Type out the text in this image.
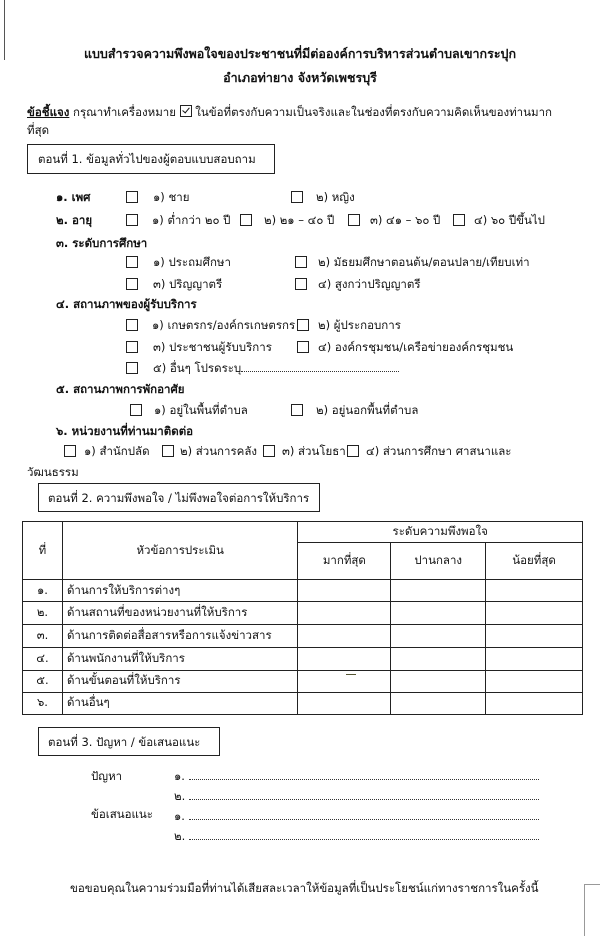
แบบสำรวจความพึงพอใจของประชาชนที่มีต่อองค์การบริหารส่วนตำบลเขากระปุก
อำเภอท่ายาง จังหวัดเพชรบุรี
ข้อชี้แจง กรุณาทำเครื่องหมาย ในข้อที่ตรงกับความเป็นจริงและในช่องที่ตรงกับความคิดเห็นของท่านมาก
ที่สุด
ตอนที่ 1. ข้อมูลทั่วไปของผู้ตอบแบบสอบถาม
๑. เพศ	๑) ชาย	๒) หญิง
๒. อายุ	๑) ต่ำกว่า ๒๐ ปี	๒) ๒๑ – ๔๐ ปี	๓) ๔๑ – ๖๐ ปี	๔) ๖๐ ปีขึ้นไป
๓. ระดับการศึกษา
๑) ประถมศึกษา	๒) มัธยมศึกษาตอนต้น/ตอนปลาย/เทียบเท่า
๓) ปริญญาตรี	๔) สูงกว่าปริญญาตรี
๔. สถานภาพของผู้รับบริการ
๑) เกษตรกร/องค์กรเกษตรกร ๒) ผู้ประกอบการ
๓) ประชาชนผู้รับบริการ	๔) องค์กรชุมชน/เครือข่ายองค์กรชุมชน
๕) อื่นๆ โปรดระบุ
๕. สถานภาพการพักอาศัย
๑) อยู่ในพื้นที่ตำบล	๒) อยู่นอกพื้นที่ตำบล
๖. หน่วยงานที่ท่านมาติดต่อ
๑) สำนักปลัด	๒) ส่วนการคลัง ๓) ส่วนโยธา ๔) ส่วนการศึกษา ศาสนาและ
วัฒนธรรม
ตอนที่ 2. ความพึงพอใจ / ไม่พึงพอใจต่อการให้บริการ
ที่	หัวข้อการประเมิน	ระดับความพึงพอใจ		
		มากที่สุด	ปานกลาง	น้อยที่สุด
๑.	ด้านการให้บริการต่างๆ			
๒.	ด้านสถานที่ของหน่วยงานที่ให้บริการ			
๓.	ด้านการติดต่อสื่อสารหรือการแจ้งข่าวสาร			
๔.	ด้านพนักงานที่ให้บริการ			
๕.	ด้านขั้นตอนที่ให้บริการ			
๖.	ด้านอื่นๆ			
ตอนที่ 3. ปัญหา / ข้อเสนอแนะ
ปัญหา	๑.
๒.
ข้อเสนอแนะ ๑.
๒.
ขอขอบคุณในความร่วมมือที่ท่านได้เสียสละเวลาให้ข้อมูลที่เป็นประโยชน์แก่ทางราชการในครั้งนี้
